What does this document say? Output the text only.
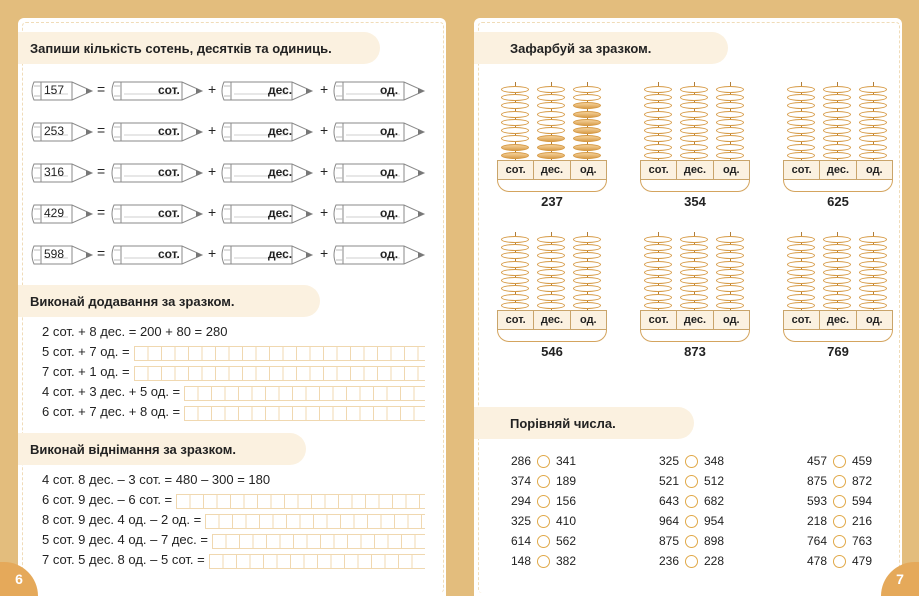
6	7
Запиши кількість сотень, десятків та одиниць.
157 =	сот. +	дес. +	од.
253 =	сот. +	дес. +	од.
316 =	сот. +	дес. +	од.
429 =	сот. +	дес. +	од.
598 =	сот. +	дес. +	од.
Виконай додавання за зразком.
2 сот. + 8 дес. = 200 + 80 = 280
5 сот. + 7 од. =
7 сот. + 1 од. =
4 сот. + 3 дес. + 5 од. =
6 сот. + 7 дес. + 8 од. =
Виконай віднімання за зразком.
4 сот. 8 дес. – 3 сот. = 480 – 300 = 180
6 сот. 9 дес. – 6 сот. =
8 сот. 9 дес. 4 од. – 2 од. =
5 сот. 9 дес. 4 од. – 7 дес. =
7 сот. 5 дес. 8 од. – 5 сот. =
Зафарбуй за зразком.
сот.	дес.	од.
237
сот.	дес.	од.
354
сот.	дес.	од.
625
сот.	дес.	од.
546
сот.	дес.	од.
873
сот.	дес.	од.
769
Порівняй числа.
286	341
374	189
294	156
325	410
614	562
148	382
325	348
521	512
643	682
964	954
875	898
236	228
457	459
875	872
593	594
218	216
764	763
478	479
